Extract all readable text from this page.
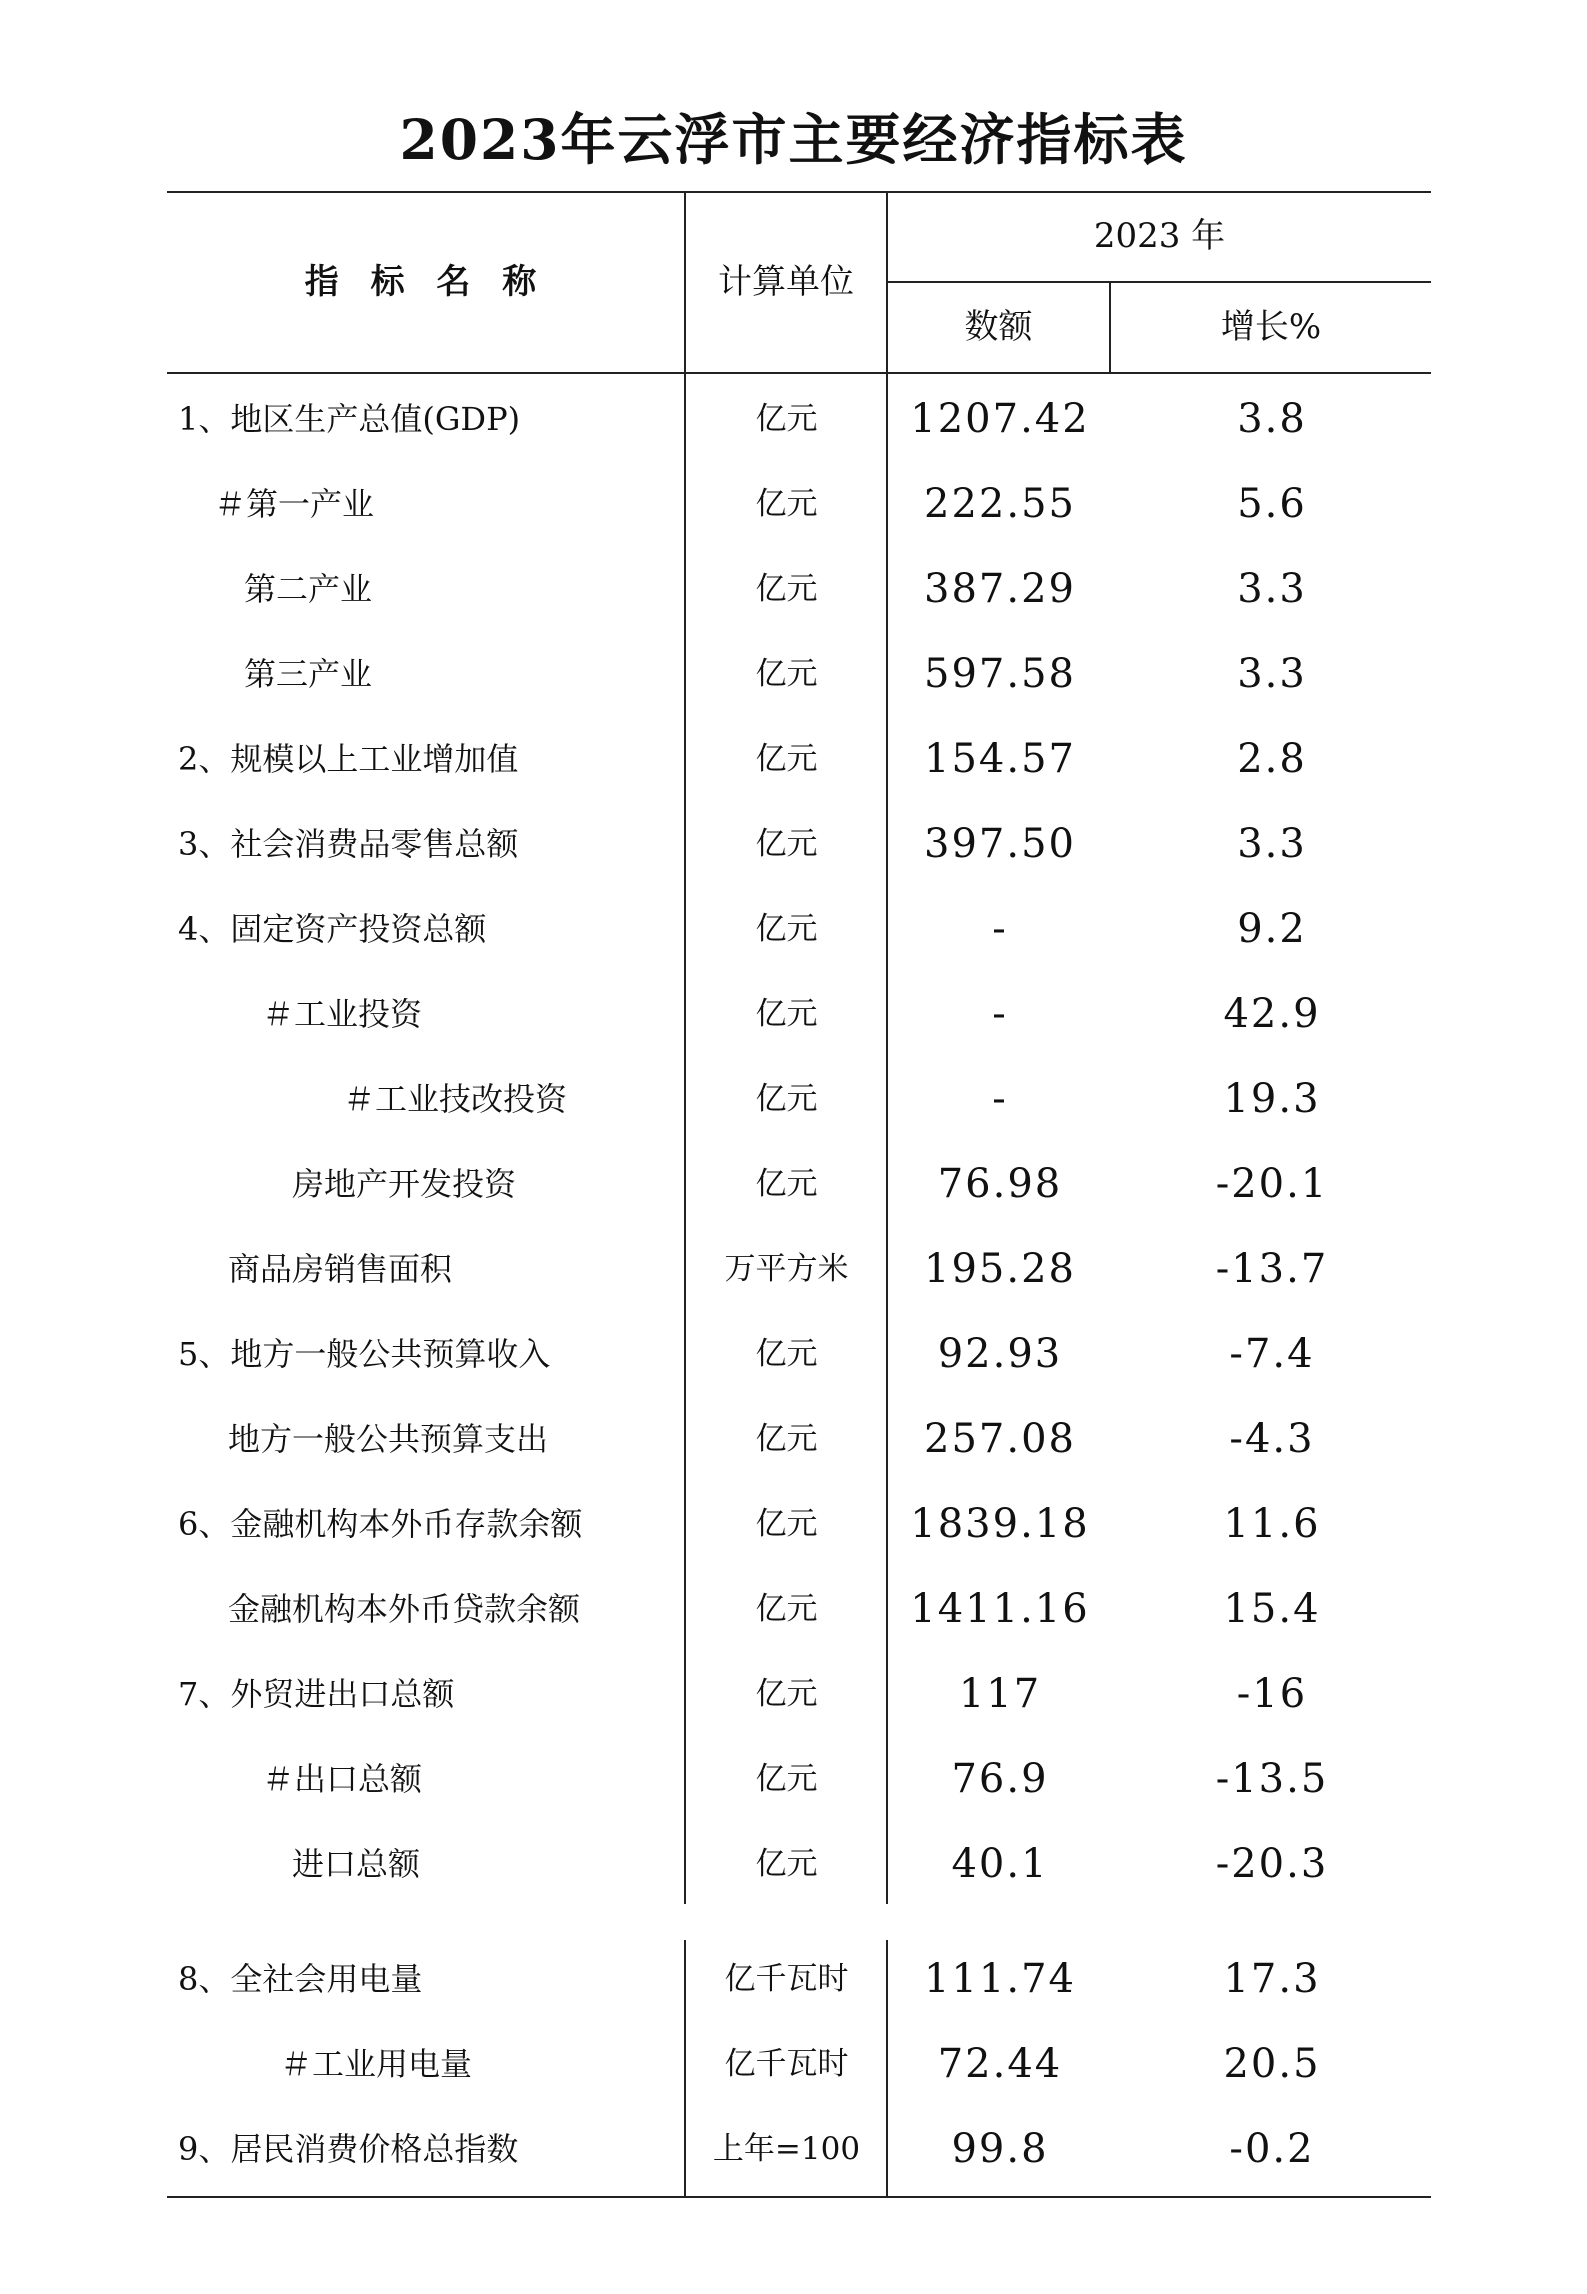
2023年云浮市主要经济指标表
指 标 名 称	计算单位
2023 年
数额	增长%
1、地区生产总值(GDP)	亿元	1207.42	3.8
＃第一产业	亿元	222.55	5.6
第二产业	亿元	387.29	3.3
第三产业	亿元	597.58	3.3
2、规模以上工业增加值	亿元	154.57	2.8
3、社会消费品零售总额	亿元	397.50	3.3
4、固定资产投资总额	亿元	-	9.2
＃工业投资	亿元	-	42.9
＃工业技改投资	亿元	-	19.3
房地产开发投资	亿元	76.98	-20.1
商品房销售面积	万平方米	195.28	-13.7
5、地方一般公共预算收入	亿元	92.93	-7.4
地方一般公共预算支出	亿元	257.08	-4.3
6、金融机构本外币存款余额	亿元	1839.18	11.6
金融机构本外币贷款余额	亿元	1411.16	15.4
7、外贸进出口总额	亿元	117	-16
＃出口总额	亿元	76.9	-13.5
进口总额	亿元	40.1	-20.3
8、全社会用电量	亿千瓦时	111.74	17.3
＃工业用电量	亿千瓦时	72.44	20.5
9、居民消费价格总指数	上年=100	99.8	-0.2
